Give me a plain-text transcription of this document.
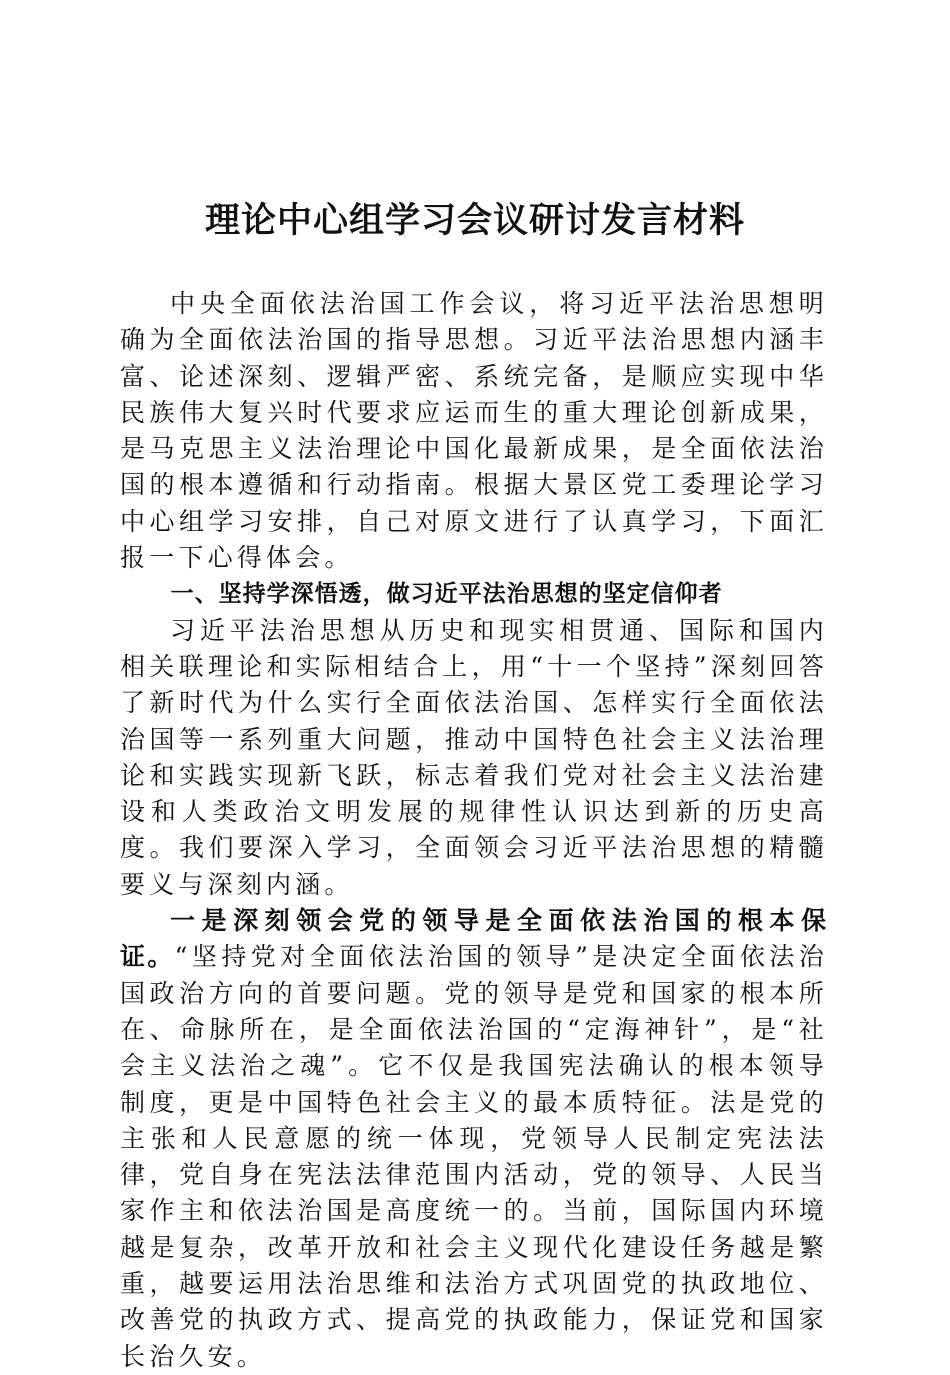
理论中心组学习会议研讨发言材料

中央全面依法治国工作会议，将习近平法治思想明确为全面依法治国的指导思想。习近平法治思想内涵丰富、论述深刻、逻辑严密、系统完备，是顺应实现中华民族伟大复兴时代要求应运而生的重大理论创新成果，是马克思主义法治理论中国化最新成果，是全面依法治国的根本遵循和行动指南。根据大景区党工委理论学习中心组学习安排，自己对原文进行了认真学习，下面汇报一下心得体会。

一、坚持学深悟透，做习近平法治思想的坚定信仰者

习近平法治思想从历史和现实相贯通、国际和国内相关联理论和实际相结合上，用“十一个坚持”深刻回答了新时代为什么实行全面依法治国、怎样实行全面依法治国等一系列重大问题，推动中国特色社会主义法治理论和实践实现新飞跃，标志着我们党对社会主义法治建设和人类政治文明发展的规律性认识达到新的历史高度。我们要深入学习，全面领会习近平法治思想的精髓要义与深刻内涵。

一是深刻领会党的领导是全面依法治国的根本保证。“坚持党对全面依法治国的领导”是决定全面依法治国政治方向的首要问题。党的领导是党和国家的根本所在、命脉所在，是全面依法治国的“定海神针”，是“社会主义法治之魂”。它不仅是我国宪法确认的根本领导制度，更是中国特色社会主义的最本质特征。法是党的主张和人民意愿的统一体现，党领导人民制定宪法法律，党自身在宪法法律范围内活动，党的领导、人民当家作主和依法治国是高度统一的。当前，国际国内环境越是复杂，改革开放和社会主义现代化建设任务越是繁重，越要运用法治思维和法治方式巩固党的执政地位、改善党的执政方式、提高党的执政能力，保证党和国家长治久安。
